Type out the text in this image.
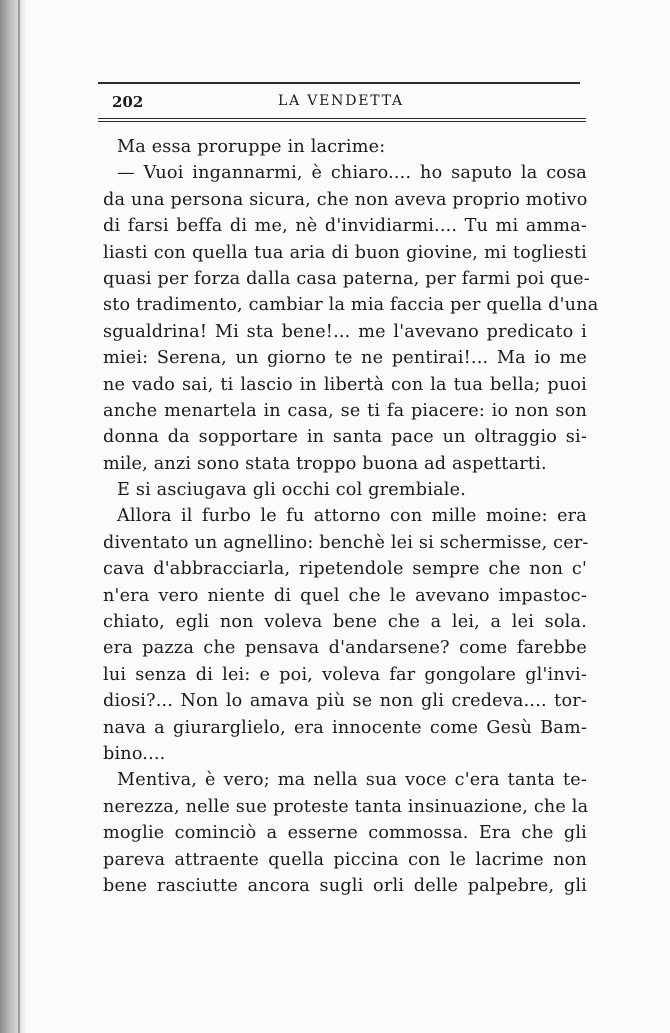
202	LA VENDETTA
Ma essa proruppe in lacrime:
— Vuoi ingannarmi, è chiaro.... ho saputo la cosa
da una persona sicura, che non aveva proprio motivo
di farsi beffa di me, nè d'invidiarmi.... Tu mi amma-
liasti con quella tua aria di buon giovine, mi togliesti
quasi per forza dalla casa paterna, per farmi poi que-
sto tradimento, cambiar la mia faccia per quella d'una
sgualdrina! Mi sta bene!... me l'avevano predicato i
miei: Serena, un giorno te ne pentirai!... Ma io me
ne vado sai, ti lascio in libertà con la tua bella; puoi
anche menartela in casa, se ti fa piacere: io non son
donna da sopportare in santa pace un oltraggio si-
mile, anzi sono stata troppo buona ad aspettarti.
E si asciugava gli occhi col grembiale.
Allora il furbo le fu attorno con mille moine: era
diventato un agnellino: benchè lei si schermisse, cer-
cava d'abbracciarla, ripetendole sempre che non c'
n'era vero niente di quel che le avevano impastoc-
chiato, egli non voleva bene che a lei, a lei sola.
era pazza che pensava d'andarsene? come farebbe
lui senza di lei: e poi, voleva far gongolare gl'invi-
diosi?... Non lo amava più se non gli credeva.... tor-
nava a giurarglielo, era innocente come Gesù Bam-
bino....
Mentiva, è vero; ma nella sua voce c'era tanta te-
nerezza, nelle sue proteste tanta insinuazione, che la
moglie cominciò a esserne commossa. Era che gli
pareva attraente quella piccina con le lacrime non
bene rasciutte ancora sugli orli delle palpebre, gli
